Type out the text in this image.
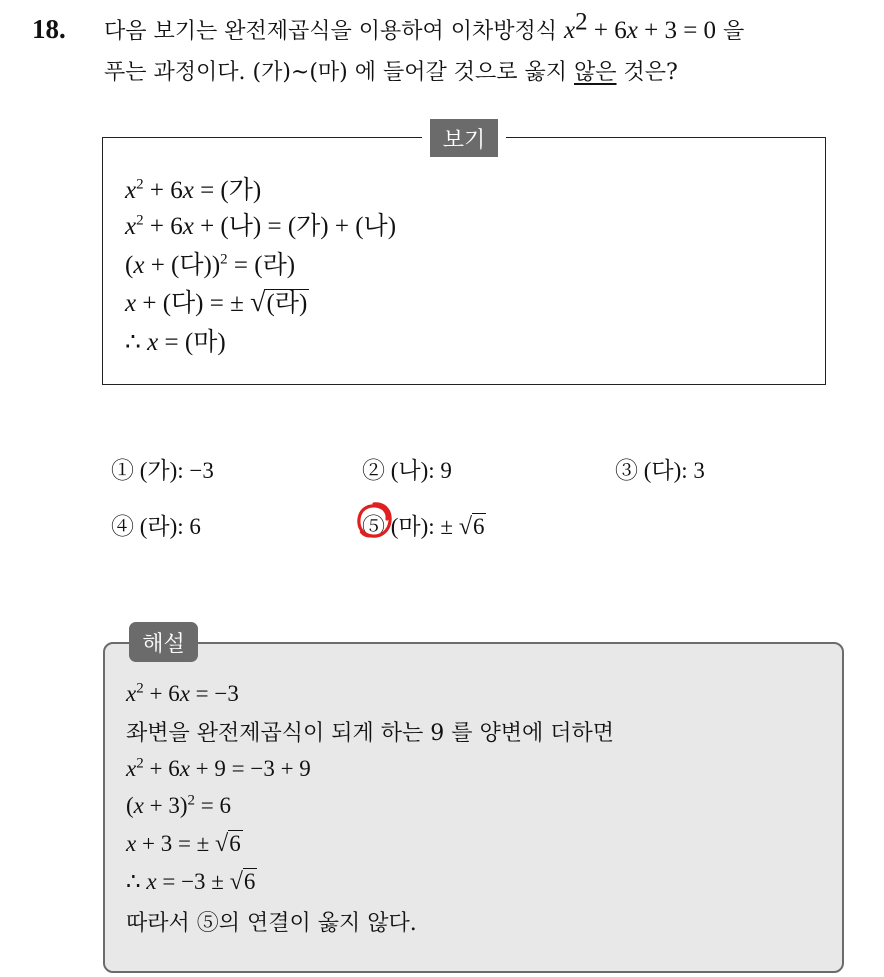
18. 다음 보기는 완전제곱식을 이용하여 이차방정식 $x^2 + 6x + 3 = 0$ 을
푸는 과정이다. (가)~(마) 에 들어갈 것으로 옳지 않은 것은?
보기
$x^2 + 6x$ = (가)
$x^2 + 6x$ + (나) = (가) + (나)
(x + (다))$^2$ = (라)
x + (다) = ± √(라)
∴ x = (마)
① (가): −3	② (나): 9	③ (다): 3
④ (라): 6	⑤ (마): ± √6
해설
$x^2 + 6x = -3$
좌변을 완전제곱식이 되게 하는 9 를 양변에 더하면
$x^2 + 6x + 9 = -3 + 9$
$(x + 3)^2 = 6$
x + 3 = ± √6
∴ x = −3 ± √6
따라서 ⑤의 연결이 옳지 않다.
